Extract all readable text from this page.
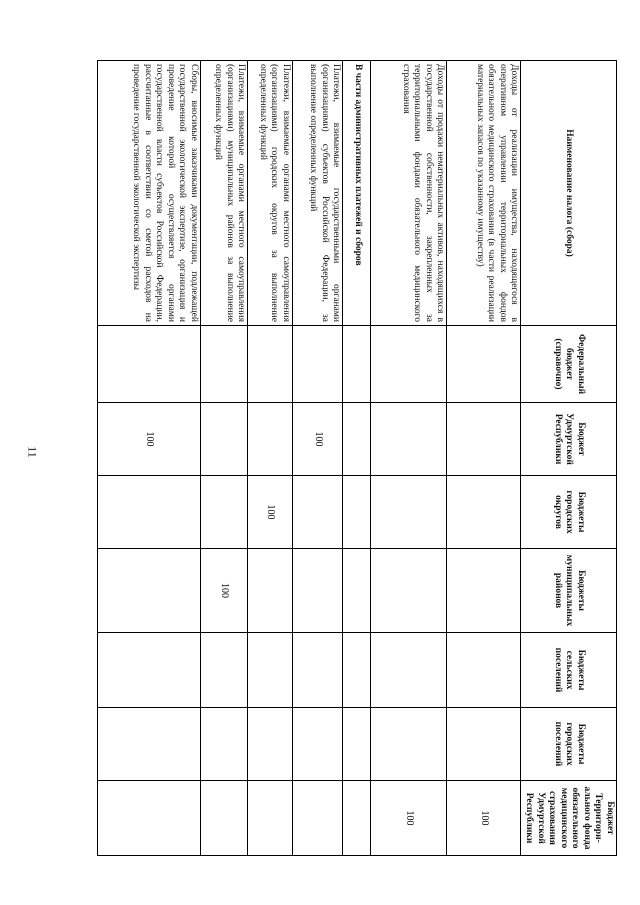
11
Наименование налога (сбора)	Федеральный бюджет (справочно)	Бюджет Удмуртской Республики	Бюджеты городских округов	Бюджеты муниципальных районов	Бюджеты сельских поселений	Бюджеты городских поселений	Бюджет Территори-ального фонда обязательного медицинского страхования Удмуртской Республики
Доходы от реализации имущества, находящегося в оперативном управлении территориальных фондов обязательного медицинского страхования (в части реализации материальных запасов по указанному имуществу)							100
Доходы от продажи нематериальных активов, находящихся в государственной собственности, закрепленных за территориальными фондами обязательного медицинского страхования							100
В части административных платежей и сборов							
Платежи, взимаемые государственными органами (организациями) субъектов Российской Федерации, за выполнение определенных функций		100					
Платежи, взимаемые органами местного самоуправления (организациями) городских округов за выполнение определенных функций			100				
Платежи, взимаемые органами местного самоуправления (организациями) муниципальных районов за выполнение определенных функций				100			
Сборы, вносимые заказчиками документации, подлежащей государственной экологической экспертизе, организация и проведение которой осуществляется органами государственной власти субъектов Российской Федерации, рассчитанные в соответствии со сметой расходов на проведение государственной экологической экспертизы		100					
